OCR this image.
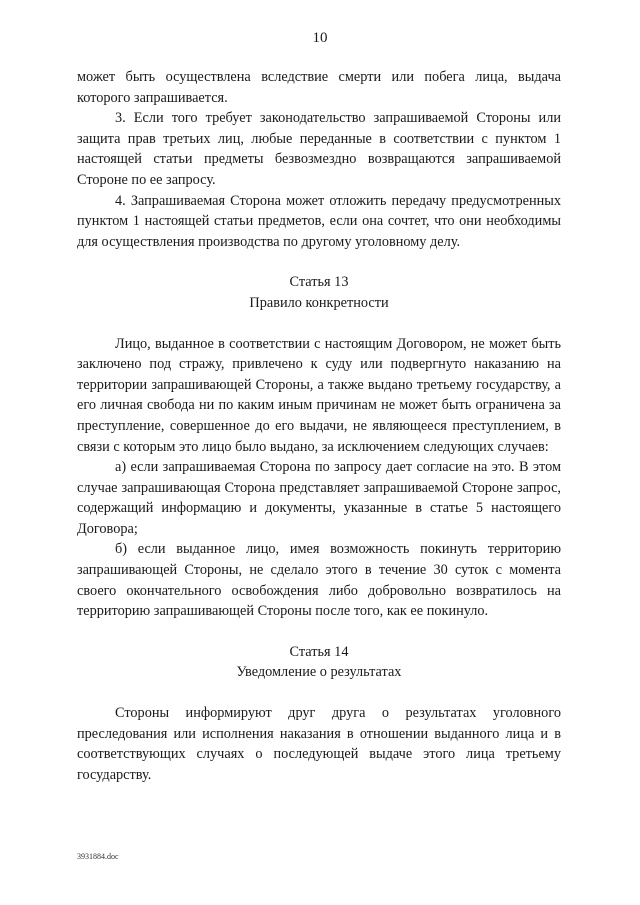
10

может быть осуществлена вследствие смерти или побега лица, выдача которого запрашивается.

3. Если того требует законодательство запрашиваемой Стороны или защита прав третьих лиц, любые переданные в соответствии с пунктом 1 настоящей статьи предметы безвозмездно возвращаются запрашиваемой Стороне по ее запросу.

4. Запрашиваемая Сторона может отложить передачу предусмотренных пунктом 1 настоящей статьи предметов, если она сочтет, что они необходимы для осуществления производства по другому уголовному делу.

Статья 13
Правило конкретности

Лицо, выданное в соответствии с настоящим Договором, не может быть заключено под стражу, привлечено к суду или подвергнуто наказанию на территории запрашивающей Стороны, а также выдано третьему государству, а его личная свобода ни по каким иным причинам не может быть ограничена за преступление, совершенное до его выдачи, не являющееся преступлением, в связи с которым это лицо было выдано, за исключением следующих случаев:

а) если запрашиваемая Сторона по запросу дает согласие на это. В этом случае запрашивающая Сторона представляет запрашиваемой Стороне запрос, содержащий информацию и документы, указанные в статье 5 настоящего Договора;

б) если выданное лицо, имея возможность покинуть территорию запрашивающей Стороны, не сделало этого в течение 30 суток с момента своего окончательного освобождения либо добровольно возвратилось на территорию запрашивающей Стороны после того, как ее покинуло.

Статья 14
Уведомление о результатах

Стороны информируют друг друга о результатах уголовного преследования или исполнения наказания в отношении выданного лица и в соответствующих случаях о последующей выдаче этого лица третьему государству.

3931884.doc
